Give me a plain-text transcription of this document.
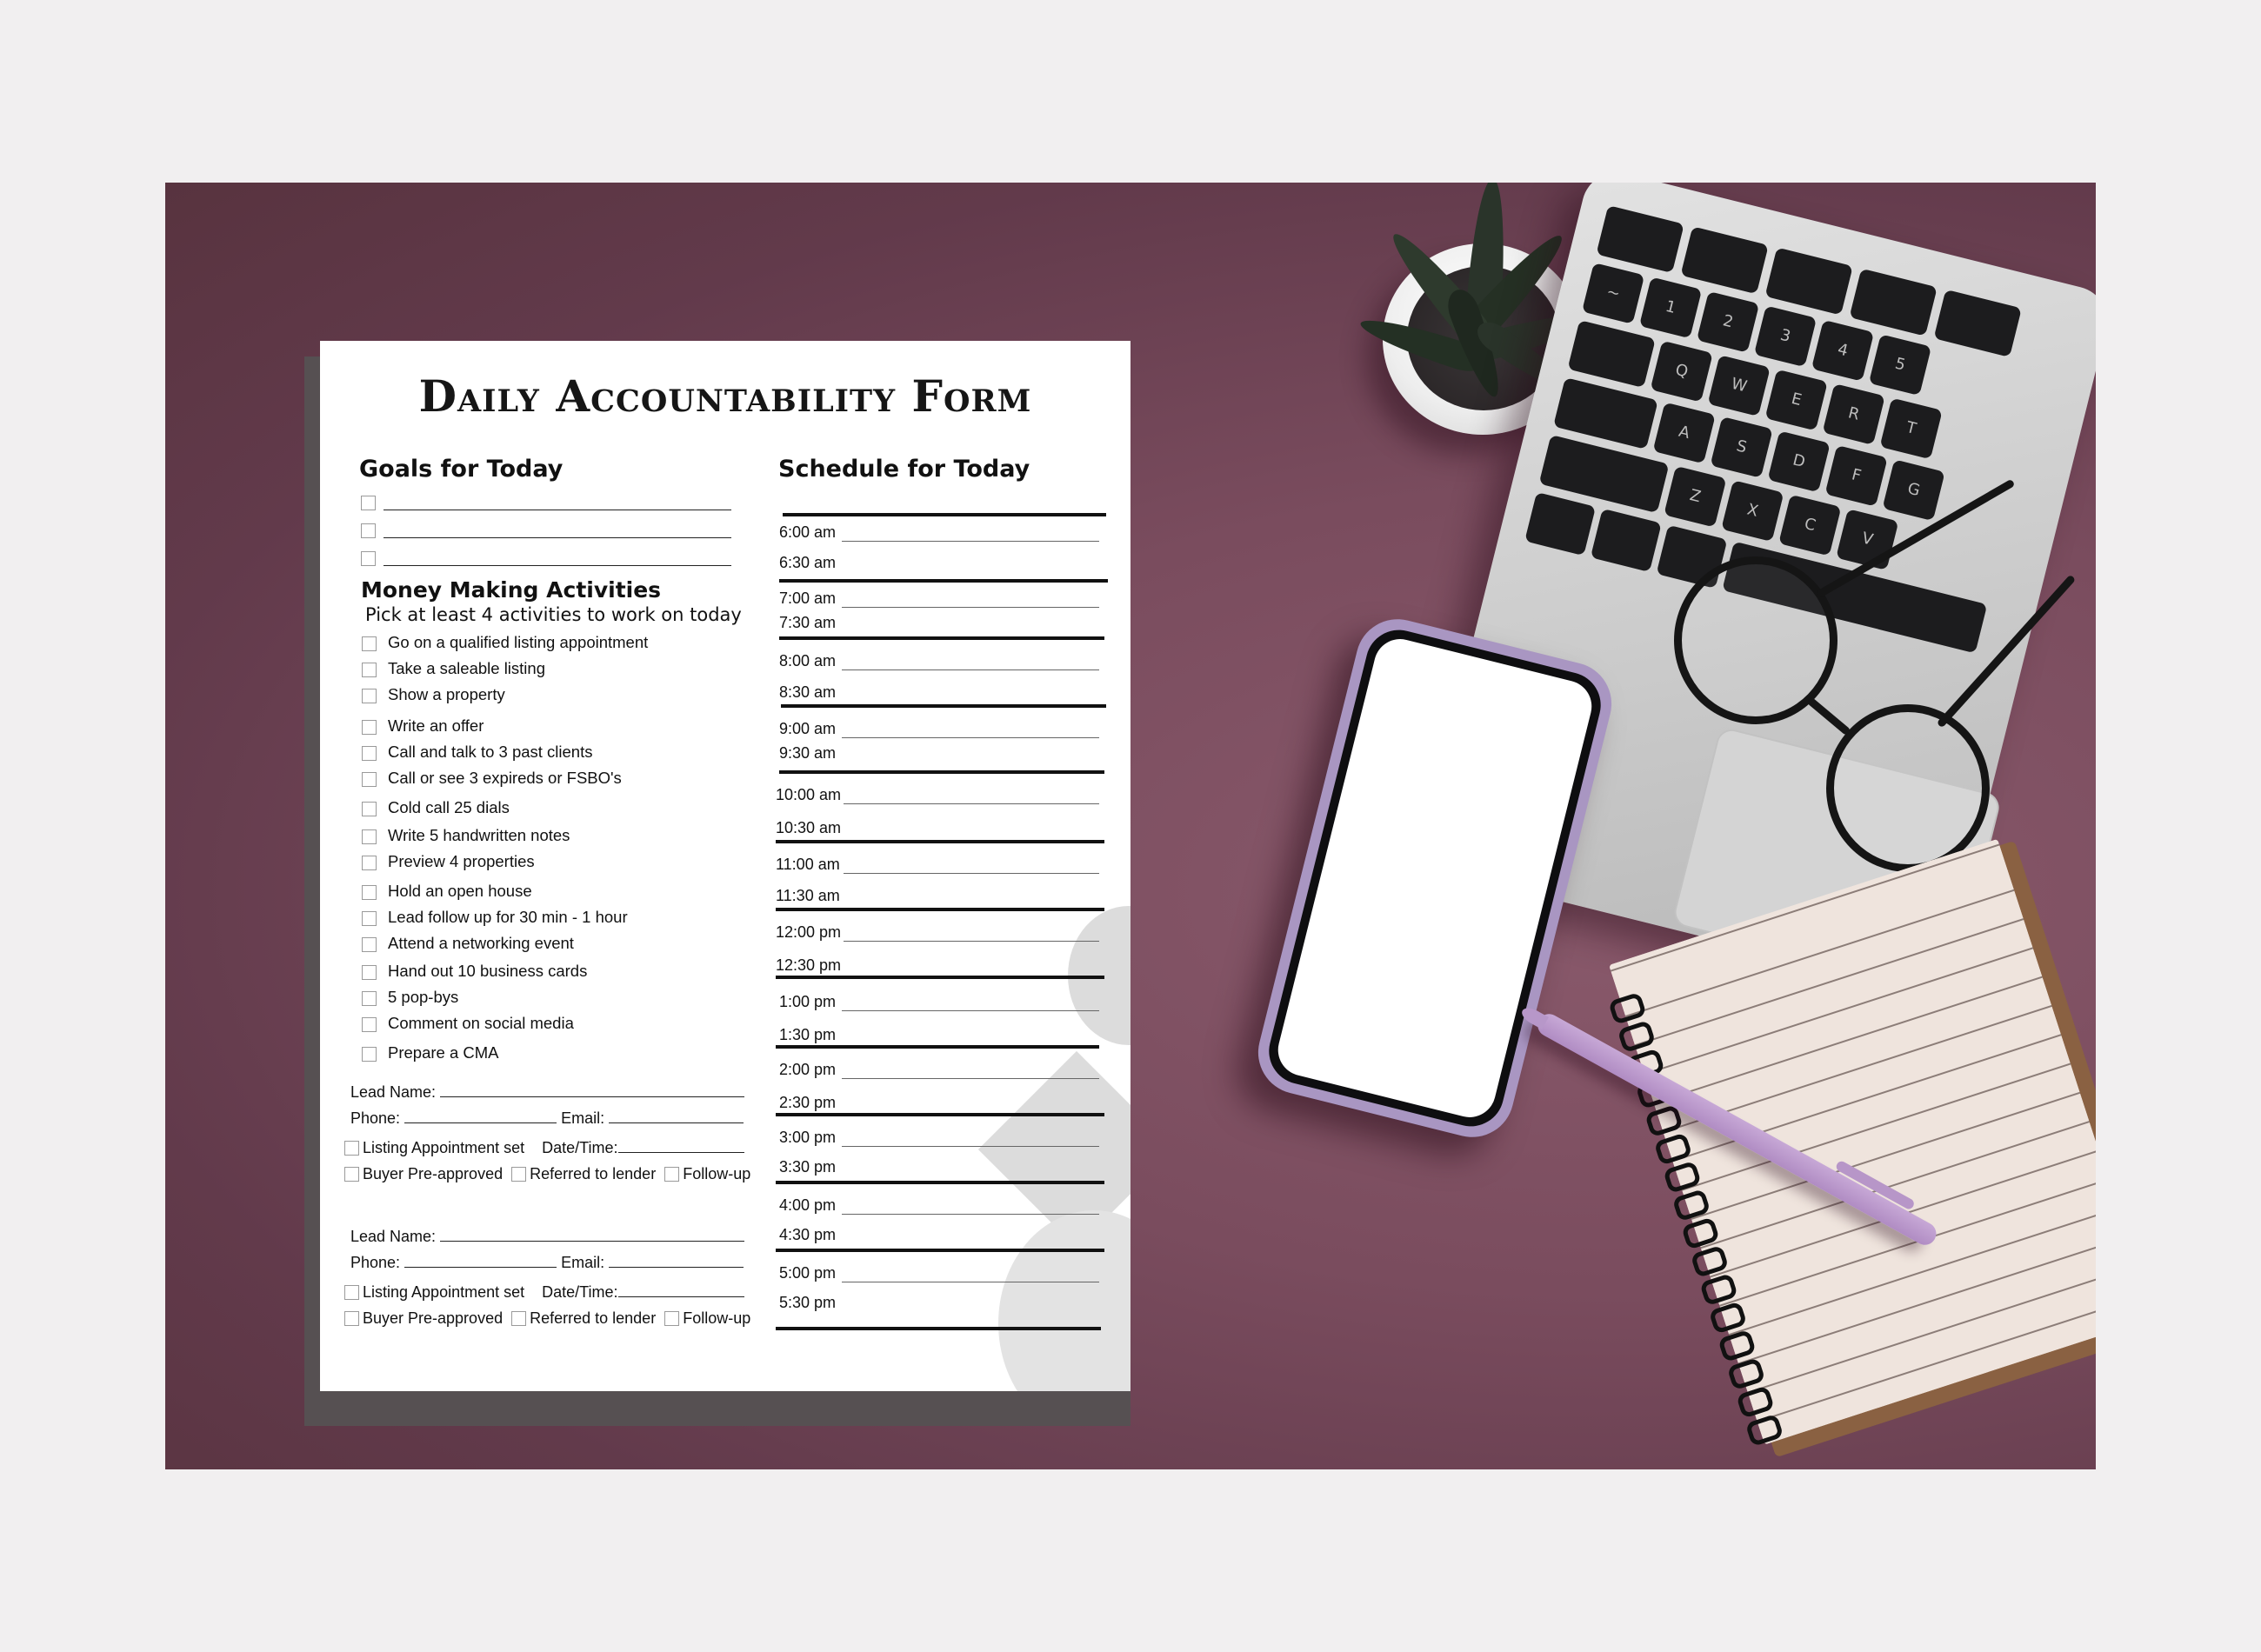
~
1
2
3
4
5
Q
W
E
R
T
A
S
D
F
G
Z
X
C
V
Daily Accountability Form
Goals for Today	Schedule for Today
Money Making Activities
Pick at least 4 activities to work on today
Go on a qualified listing appointment
Take a saleable listing
Show a property
Write an offer
Call and talk to 3 past clients
Call or see 3 expireds or FSBO's
Cold call 25 dials
Write 5 handwritten notes
Preview 4 properties
Hold an open house
Lead follow up for 30 min - 1 hour
Attend a networking event
Hand out 10 business cards
5 pop-bys
Comment on social media
Prepare a CMA
Lead Name:
Phone:	Email:
Listing Appointment set Date/Time:
Buyer Pre-approved Referred to lender Follow-up
Lead Name:
Phone:	Email:
Listing Appointment set Date/Time:
Buyer Pre-approved Referred to lender Follow-up
6:00 am
6:30 am
7:00 am
7:30 am
8:00 am
8:30 am
9:00 am
9:30 am
10:00 am
10:30 am
11:00 am
11:30 am
12:00 pm
12:30 pm
1:00 pm
1:30 pm
2:00 pm
2:30 pm
3:00 pm
3:30 pm
4:00 pm
4:30 pm
5:00 pm
5:30 pm
